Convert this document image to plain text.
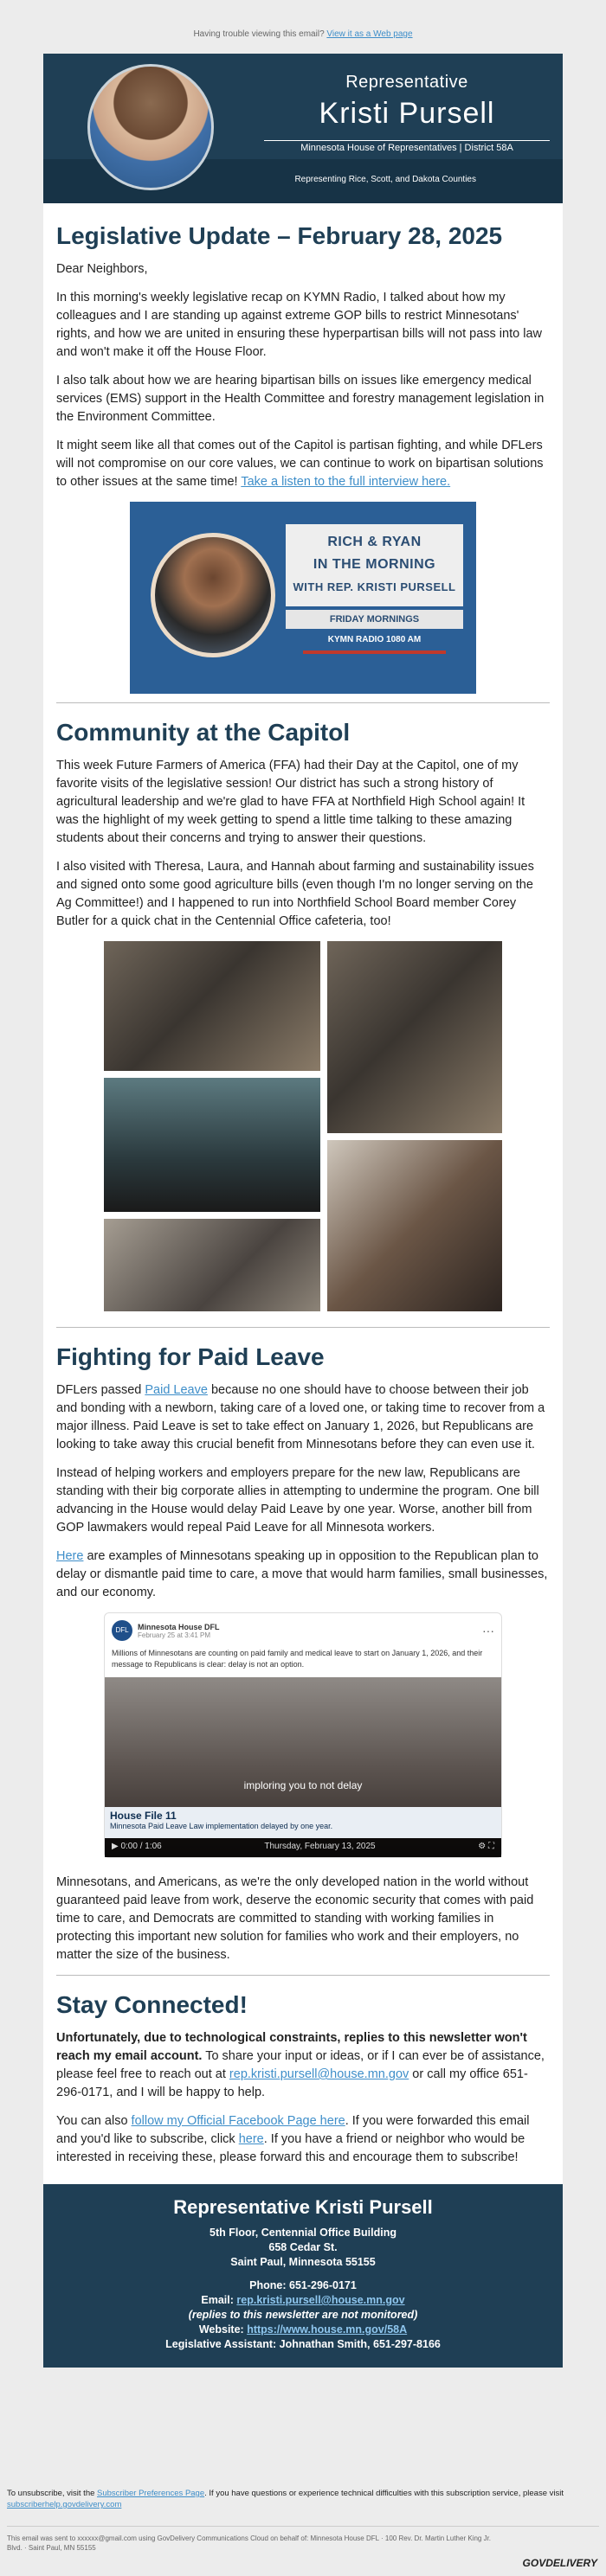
Having trouble viewing this email? View it as a Web page
Representative
Kristi Pursell
Minnesota House of Representatives | District 58A
Representing Rice, Scott, and Dakota Counties
Legislative Update – February 28, 2025

Dear Neighbors,

In this morning's weekly legislative recap on KYMN Radio, I talked about how my colleagues and I are standing up against extreme GOP bills to restrict Minnesotans' rights, and how we are united in ensuring these hyperpartisan bills will not pass into law and won't make it off the House Floor.

I also talk about how we are hearing bipartisan bills on issues like emergency medical services (EMS) support in the Health Committee and forestry management legislation in the Environment Committee.

It might seem like all that comes out of the Capitol is partisan fighting, and while DFLers will not compromise on our core values, we can continue to work on bipartisan solutions to other issues at the same time! Take a listen to the full interview here.

RICH & RYAN
IN THE MORNING
WITH REP. KRISTI PURSELL
FRIDAY MORNINGS
KYMN RADIO 1080 AM
Community at the Capitol

This week Future Farmers of America (FFA) had their Day at the Capitol, one of my favorite visits of the legislative session! Our district has such a strong history of agricultural leadership and we're glad to have FFA at Northfield High School again! It was the highlight of my week getting to spend a little time talking to these amazing students about their concerns and trying to answer their questions.

I also visited with Theresa, Laura, and Hannah about farming and sustainability issues and signed onto some good agriculture bills (even though I'm no longer serving on the Ag Committee!) and I happened to run into Northfield School Board member Corey Butler for a quick chat in the Centennial Office cafeteria, too!

Fighting for Paid Leave

DFLers passed Paid Leave because no one should have to choose between their job and bonding with a newborn, taking care of a loved one, or taking time to recover from a major illness. Paid Leave is set to take effect on January 1, 2026, but Republicans are looking to take away this crucial benefit from Minnesotans before they can even use it.

Instead of helping workers and employers prepare for the new law, Republicans are standing with their big corporate allies in attempting to undermine the program. One bill advancing in the House would delay Paid Leave by one year. Worse, another bill from GOP lawmakers would repeal Paid Leave for all Minnesota workers.

Here are examples of Minnesotans speaking up in opposition to the Republican plan to delay or dismantle paid time to care, a move that would harm families, small businesses, and our economy.

DFL	Minnesota House DFL
February 25 at 3:41 PM	···
Millions of Minnesotans are counting on paid family and medical leave to start on January 1, 2026, and their message to Republicans is clear: delay is not an option.
imploring you to not delay
House File 11
Minnesota Paid Leave Law implementation delayed by one year.
▶ 0:00 / 1:06	Thursday, February 13, 2025	⚙ ⛶

Minnesotans, and Americans, as we're the only developed nation in the world without guaranteed paid leave from work, deserve the economic security that comes with paid time to care, and Democrats are committed to standing with working families in protecting this important new solution for families who work and their employers, no matter the size of the business.

Stay Connected!

Unfortunately, due to technological constraints, replies to this newsletter won't reach my email account. To share your input or ideas, or if I can ever be of assistance, please feel free to reach out at rep.kristi.pursell@house.mn.gov or call my office 651-296-0171, and I will be happy to help.

You can also follow my Official Facebook Page here. If you were forwarded this email and you'd like to subscribe, click here. If you have a friend or neighbor who would be interested in receiving these, please forward this and encourage them to subscribe!

Representative Kristi Pursell
5th Floor, Centennial Office Building
658 Cedar St.
Saint Paul, Minnesota 55155
Phone: 651-296-0171
Email: rep.kristi.pursell@house.mn.gov
(replies to this newsletter are not monitored)
Website: https://www.house.mn.gov/58A
Legislative Assistant: Johnathan Smith, 651-297-8166
To unsubscribe, visit the Subscriber Preferences Page. If you have questions or experience technical difficulties with this subscription service, please visit subscriberhelp.govdelivery.com
This email was sent to xxxxxx@gmail.com using GovDelivery Communications Cloud on behalf of: Minnesota House DFL · 100 Rev. Dr. Martin Luther King Jr. Blvd. · Saint Paul, MN 55155
GOVDELIVERY
